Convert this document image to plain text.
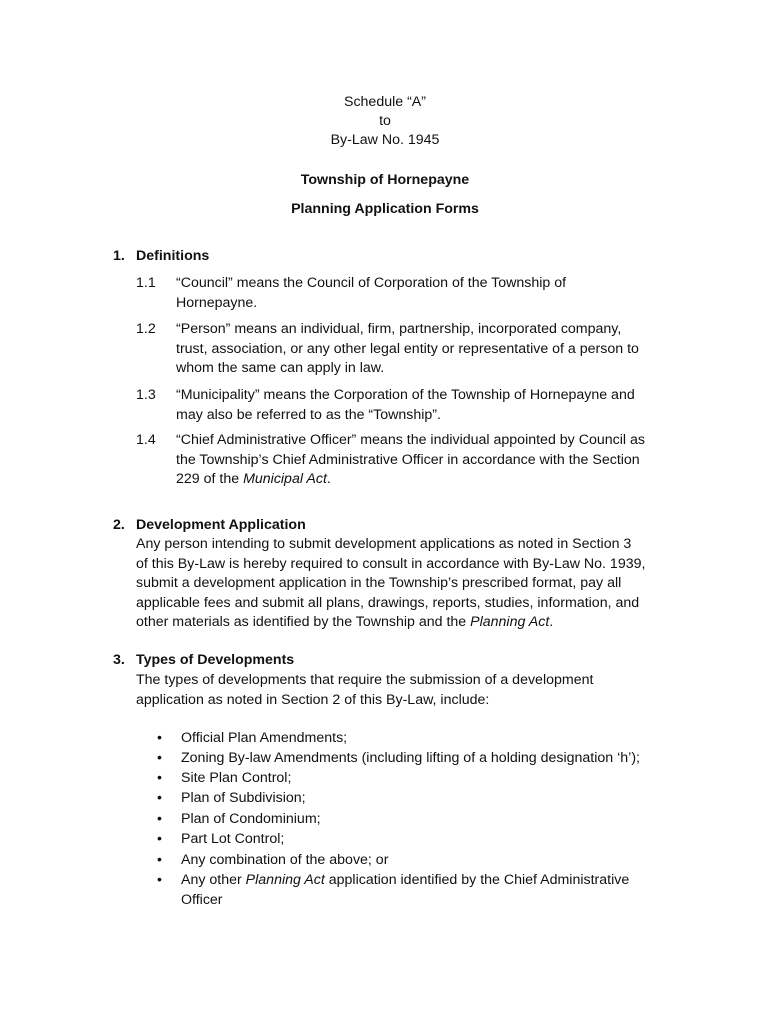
Schedule “A”
to
By-Law No. 1945
Township of Hornepayne
Planning Application Forms
1. Definitions
1.1 “Council” means the Council of Corporation of the Township of
Hornepayne.
1.2 “Person” means an individual, firm, partnership, incorporated company,
trust, association, or any other legal entity or representative of a person to
whom the same can apply in law.
1.3 “Municipality” means the Corporation of the Township of Hornepayne and
may also be referred to as the “Township”.
1.4 “Chief Administrative Officer” means the individual appointed by Council as
the Township’s Chief Administrative Officer in accordance with the Section
229 of the Municipal Act.
2. Development Application
Any person intending to submit development applications as noted in Section 3
of this By-Law is hereby required to consult in accordance with By-Law No. 1939,
submit a development application in the Township’s prescribed format, pay all
applicable fees and submit all plans, drawings, reports, studies, information, and
other materials as identified by the Township and the Planning Act.
3. Types of Developments
The types of developments that require the submission of a development
application as noted in Section 2 of this By-Law, include:
• Official Plan Amendments;
• Zoning By-law Amendments (including lifting of a holding designation ‘h’);
• Site Plan Control;
• Plan of Subdivision;
• Plan of Condominium;
• Part Lot Control;
• Any combination of the above; or
• Any other Planning Act application identified by the Chief Administrative
Officer
